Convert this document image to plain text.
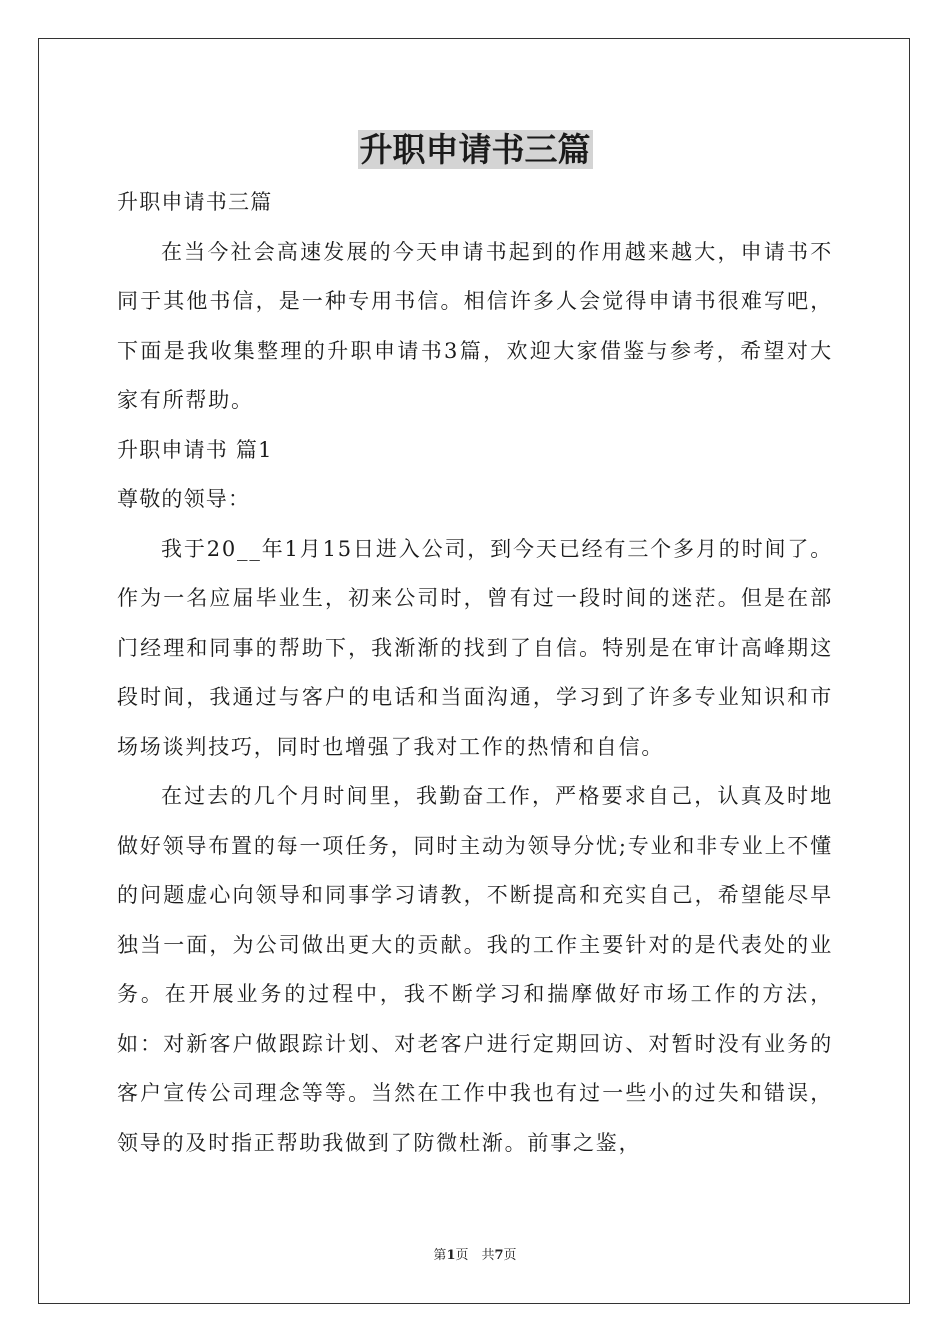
升职申请书三篇

升职申请书三篇

在当今社会高速发展的今天申请书起到的作用越来越大，申请书不同于其他书信，是一种专用书信。相信许多人会觉得申请书很难写吧，下面是我收集整理的升职申请书3篇，欢迎大家借鉴与参考，希望对大家有所帮助。

升职申请书 篇1

尊敬的领导：

我于20__年1月15日进入公司，到今天已经有三个多月的时间了。作为一名应届毕业生，初来公司时，曾有过一段时间的迷茫。但是在部门经理和同事的帮助下，我渐渐的找到了自信。特别是在审计高峰期这段时间，我通过与客户的电话和当面沟通，学习到了许多专业知识和市场场谈判技巧，同时也增强了我对工作的热情和自信。

在过去的几个月时间里，我勤奋工作，严格要求自己，认真及时地做好领导布置的每一项任务，同时主动为领导分忧;专业和非专业上不懂的问题虚心向领导和同事学习请教，不断提高和充实自己，希望能尽早独当一面，为公司做出更大的贡献。我的工作主要针对的是代表处的业务。在开展业务的过程中，我不断学习和揣摩做好市场工作的方法，如：对新客户做跟踪计划、对老客户进行定期回访、对暂时没有业务的客户宣传公司理念等等。当然在工作中我也有过一些小的过失和错误，领导的及时指正帮助我做到了防微杜渐。前事之鉴，

第1页　共7页
